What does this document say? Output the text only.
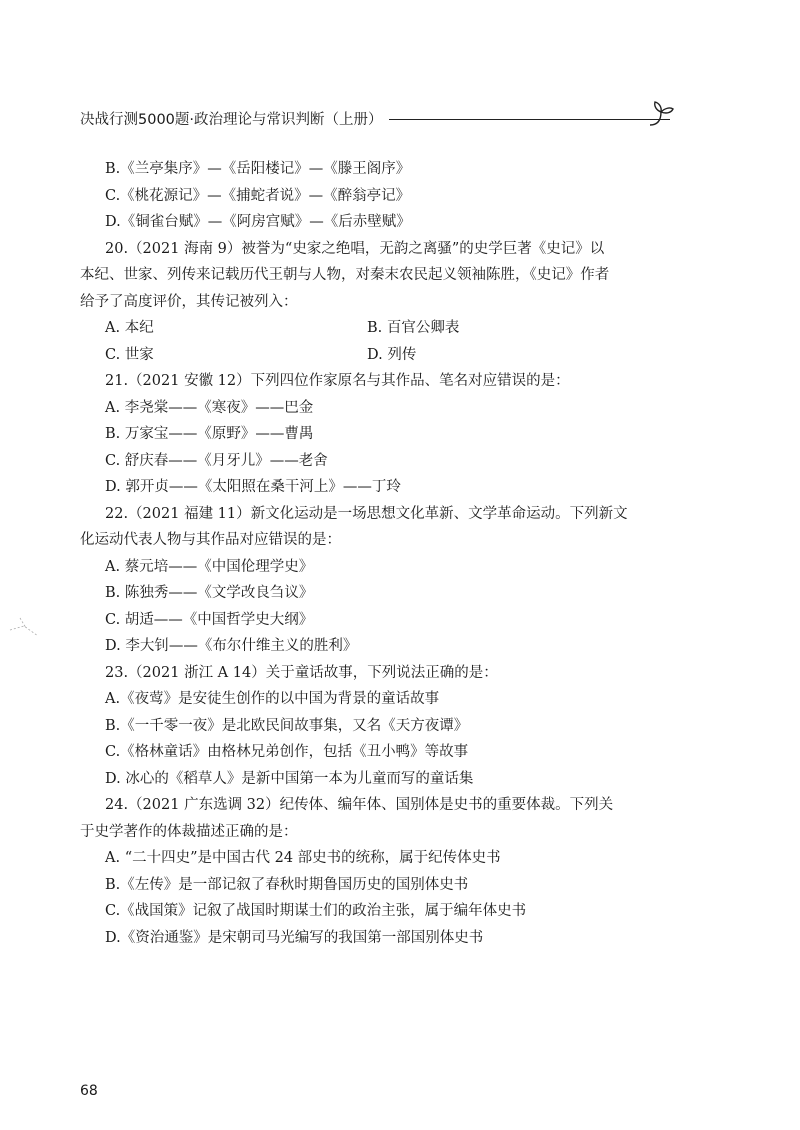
决战行测5000题·政治理论与常识判断（上册）
B.《兰亭集序》—《岳阳楼记》—《滕王阁序》
C.《桃花源记》—《捕蛇者说》—《醉翁亭记》
D.《铜雀台赋》—《阿房宫赋》—《后赤壁赋》
20.（2021 海南 9）被誉为“史家之绝唱，无韵之离骚”的史学巨著《史记》以
本纪、世家、列传来记载历代王朝与人物，对秦末农民起义领袖陈胜，《史记》作者
给予了高度评价，其传记被列入：
A. 本纪	B. 百官公卿表
C. 世家	D. 列传
21.（2021 安徽 12）下列四位作家原名与其作品、笔名对应错误的是：
A. 李尧棠——《寒夜》——巴金
B. 万家宝——《原野》——曹禺
C. 舒庆春——《月牙儿》——老舍
D. 郭开贞——《太阳照在桑干河上》——丁玲
22.（2021 福建 11）新文化运动是一场思想文化革新、文学革命运动。下列新文
化运动代表人物与其作品对应错误的是：
A. 蔡元培——《中国伦理学史》
B. 陈独秀——《文学改良刍议》
C. 胡适——《中国哲学史大纲》
D. 李大钊——《布尔什维主义的胜利》
23.（2021 浙江 A 14）关于童话故事，下列说法正确的是：
A.《夜莺》是安徒生创作的以中国为背景的童话故事
B.《一千零一夜》是北欧民间故事集，又名《天方夜谭》
C.《格林童话》由格林兄弟创作，包括《丑小鸭》等故事
D. 冰心的《稻草人》是新中国第一本为儿童而写的童话集
24.（2021 广东选调 32）纪传体、编年体、国别体是史书的重要体裁。下列关
于史学著作的体裁描述正确的是：
A. “二十四史”是中国古代 24 部史书的统称，属于纪传体史书
B.《左传》是一部记叙了春秋时期鲁国历史的国别体史书
C.《战国策》记叙了战国时期谋士们的政治主张，属于编年体史书
D.《资治通鉴》是宋朝司马光编写的我国第一部国别体史书
68
